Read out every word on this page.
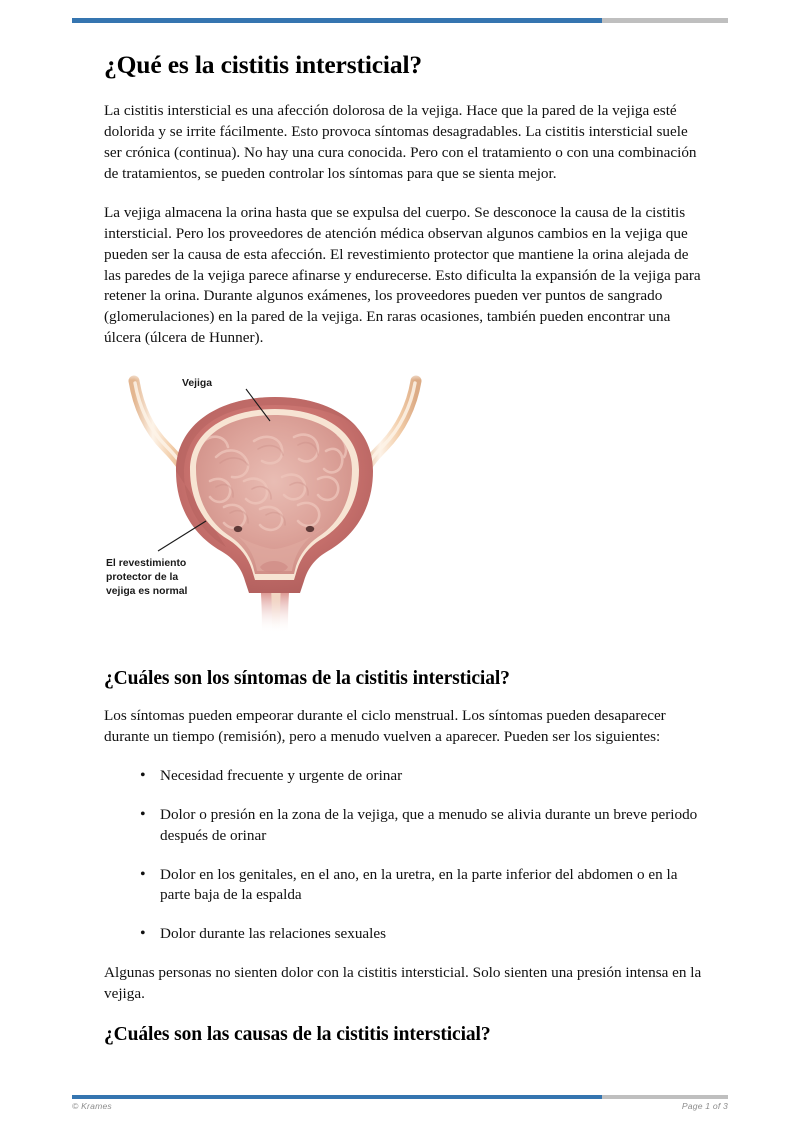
¿Qué es la cistitis intersticial?

La cistitis intersticial es una afección dolorosa de la vejiga. Hace que la pared de la vejiga esté dolorida y se irrite fácilmente. Esto provoca síntomas desagradables. La cistitis intersticial suele ser crónica (continua). No hay una cura conocida. Pero con el tratamiento o con una combinación de tratamientos, se pueden controlar los síntomas para que se sienta mejor.

La vejiga almacena la orina hasta que se expulsa del cuerpo. Se desconoce la causa de la cistitis intersticial. Pero los proveedores de atención médica observan algunos cambios en la vejiga que pueden ser la causa de esta afección. El revestimiento protector que mantiene la orina alejada de las paredes de la vejiga parece afinarse y endurecerse. Esto dificulta la expansión de la vejiga para retener la orina. Durante algunos exámenes, los proveedores pueden ver puntos de sangrado (glomerulaciones) en la pared de la vejiga. En raras ocasiones, también pueden encontrar una úlcera (úlcera de Hunner).

Vejiga
El revestimiento
protector de la
vejiga es normal
¿Cuáles son los síntomas de la cistitis intersticial?

Los síntomas pueden empeorar durante el ciclo menstrual. Los síntomas pueden desaparecer durante un tiempo (remisión), pero a menudo vuelven a aparecer. Pueden ser los siguientes:

• Necesidad frecuente y urgente de orinar
• Dolor o presión en la zona de la vejiga, que a menudo se alivia durante un breve periodo después de orinar
• Dolor en los genitales, en el ano, en la uretra, en la parte inferior del abdomen o en la parte baja de la espalda
• Dolor durante las relaciones sexuales

Algunas personas no sienten dolor con la cistitis intersticial. Solo sienten una presión intensa en la vejiga.

¿Cuáles son las causas de la cistitis intersticial?
© Krames	Page 1 of 3
